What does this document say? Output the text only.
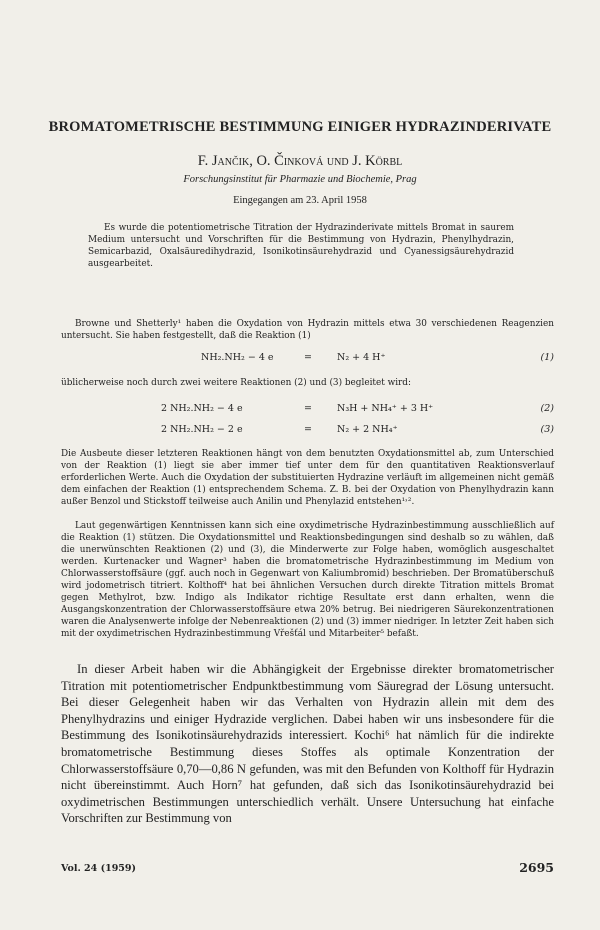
BROMATOMETRISCHE BESTIMMUNG EINIGER HYDRAZINDERIVATE
F. Jančik, O. Činková und J. Körbl
Forschungsinstitut für Pharmazie und Biochemie, Prag
Eingegangen am 23. April 1958

Es wurde die potentiometrische Titration der Hydrazinderivate mittels Bromat in saurem Medium untersucht und Vorschriften für die Bestimmung von Hydrazin, Phenylhydrazin, Semicarbazid, Oxalsäuredihydrazid, Isonikotinsäurehydrazid und Cyanessigsäurehydrazid ausgearbeitet.

Browne und Shetterly¹ haben die Oxydation von Hydrazin mittels etwa 30 verschiedenen Reagenzien untersucht. Sie haben festgestellt, daß die Reaktion (1)

NH₂.NH₂ − 4 e	=	N₂ + 4 H⁺	(1)

üblicherweise noch durch zwei weitere Reaktionen (2) und (3) begleitet wird:

2 NH₂.NH₂ − 4 e	=	N₃H + NH₄⁺ + 3 H⁺	(2)
2 NH₂.NH₂ − 2 e	=	N₂ + 2 NH₄⁺	(3)

Die Ausbeute dieser letzteren Reaktionen hängt von dem benutzten Oxydationsmittel ab, zum Unterschied von der Reaktion (1) liegt sie aber immer tief unter dem für den quantitativen Reaktionsverlauf erforderlichen Werte. Auch die Oxydation der substituierten Hydrazine verläuft im allgemeinen nicht gemäß dem einfachen der Reaktion (1) entsprechendem Schema. Z. B. bei der Oxydation von Phenylhydrazin kann außer Benzol und Stickstoff teilweise auch Anilin und Phenylazid entstehen¹˒².

Laut gegenwärtigen Kenntnissen kann sich eine oxydimetrische Hydrazinbestimmung ausschließlich auf die Reaktion (1) stützen. Die Oxydationsmittel und Reaktionsbedingungen sind deshalb so zu wählen, daß die unerwünschten Reaktionen (2) und (3), die Minderwerte zur Folge haben, womöglich ausgeschaltet werden. Kurtenacker und Wagner³ haben die bromatometrische Hydrazinbestimmung im Medium von Chlorwasserstoffsäure (ggf. auch noch in Gegenwart von Kaliumbromid) beschrieben. Der Bromatüberschuß wird jodometrisch titriert. Kolthoff⁴ hat bei ähnlichen Versuchen durch direkte Titration mittels Bromat gegen Methylrot, bzw. Indigo als Indikator richtige Resultate erst dann erhalten, wenn die Ausgangskonzentration der Chlorwasserstoffsäure etwa 20% betrug. Bei niedrigeren Säurekonzentrationen waren die Analysenwerte infolge der Nebenreaktionen (2) und (3) immer niedriger. In letzter Zeit haben sich mit der oxydimetrischen Hydrazinbestimmung Vřešťál und Mitarbeiter⁵ befaßt.

In dieser Arbeit haben wir die Abhängigkeit der Ergebnisse direkter bromatometrischer Titration mit potentiometrischer Endpunktbestimmung vom Säuregrad der Lösung untersucht. Bei dieser Gelegenheit haben wir das Verhalten von Hydrazin allein mit dem des Phenylhydrazins und einiger Hydrazide verglichen. Dabei haben wir uns insbesondere für die Bestimmung des Isonikotinsäurehydrazids interessiert. Kochi⁶ hat nämlich für die indirekte bromatometrische Bestimmung dieses Stoffes als optimale Konzentration der Chlorwasserstoffsäure 0,70—0,86 N gefunden, was mit den Befunden von Kolthoff für Hydrazin nicht übereinstimmt. Auch Horn⁷ hat gefunden, daß sich das Isonikotinsäurehydrazid bei oxydimetrischen Bestimmungen unterschiedlich verhält. Unsere Untersuchung hat einfache Vorschriften zur Bestimmung von

Vol. 24 (1959)	2695
